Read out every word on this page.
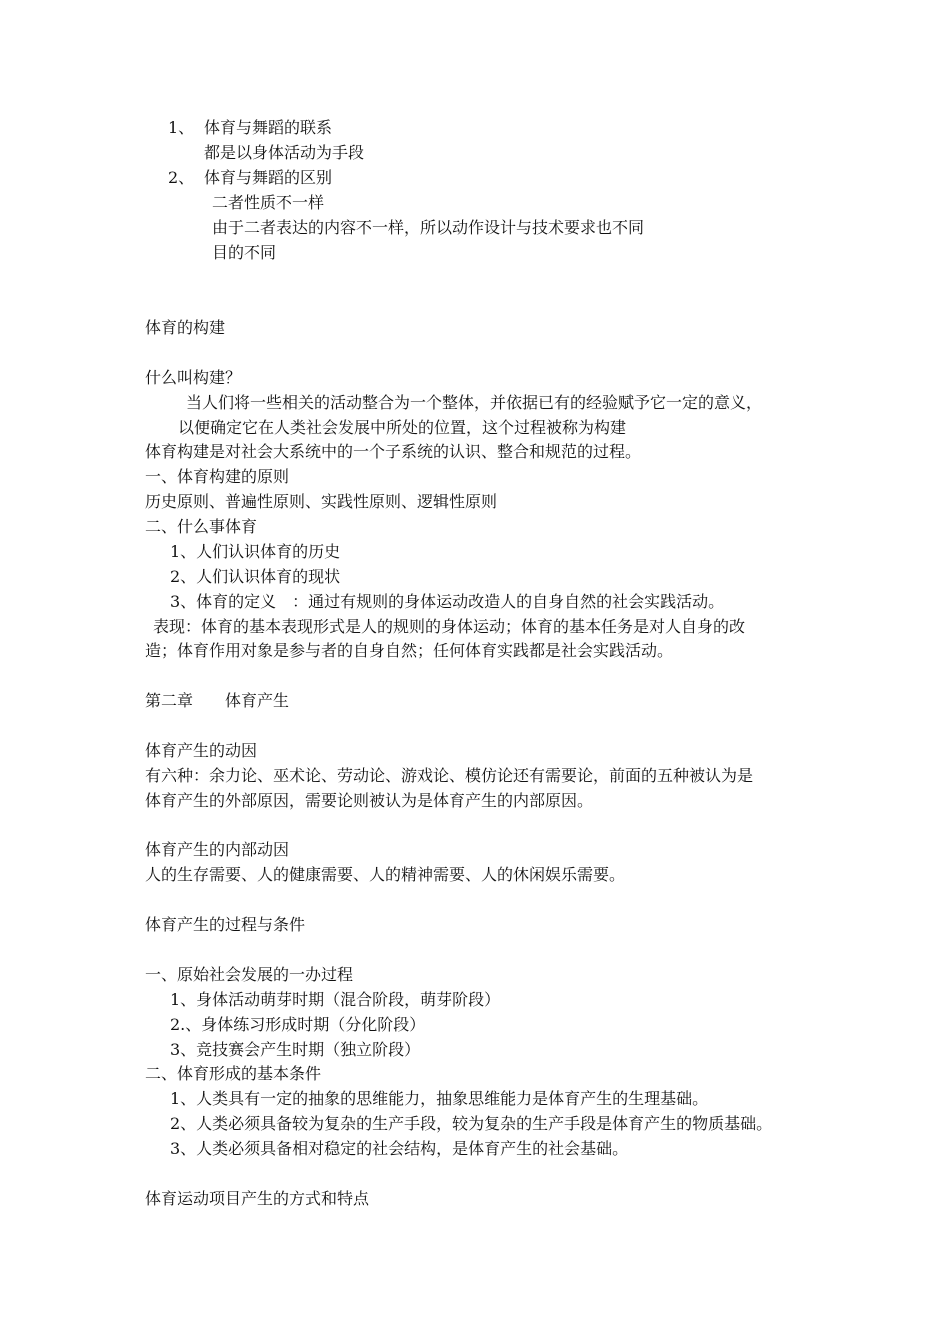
1、 体育与舞蹈的联系
都是以身体活动为手段
2、 体育与舞蹈的区别
二者性质不一样
由于二者表达的内容不一样，所以动作设计与技术要求也不同
目的不同
体育的构建
什么叫构建？
当人们将一些相关的活动整合为一个整体，并依据已有的经验赋予它一定的意义，
以便确定它在人类社会发展中所处的位置，这个过程被称为构建
体育构建是对社会大系统中的一个子系统的认识、整合和规范的过程。
一、体育构建的原则
历史原则、普遍性原则、实践性原则、逻辑性原则
二、什么事体育
1、人们认识体育的历史
2、人们认识体育的现状
3、体育的定义　：通过有规则的身体运动改造人的自身自然的社会实践活动。
表现：体育的基本表现形式是人的规则的身体运动；体育的基本任务是对人自身的改
造；体育作用对象是参与者的自身自然；任何体育实践都是社会实践活动。
第二章　　体育产生
体育产生的动因
有六种：余力论、巫术论、劳动论、游戏论、模仿论还有需要论，前面的五种被认为是
体育产生的外部原因，需要论则被认为是体育产生的内部原因。
体育产生的内部动因
人的生存需要、人的健康需要、人的精神需要、人的休闲娱乐需要。
体育产生的过程与条件
一、原始社会发展的一办过程
1、身体活动萌芽时期（混合阶段，萌芽阶段）
2.、身体练习形成时期（分化阶段）
3、竞技赛会产生时期（独立阶段）
二、体育形成的基本条件
1、人类具有一定的抽象的思维能力，抽象思维能力是体育产生的生理基础。
2、人类必须具备较为复杂的生产手段，较为复杂的生产手段是体育产生的物质基础。
3、人类必须具备相对稳定的社会结构，是体育产生的社会基础。
体育运动项目产生的方式和特点
